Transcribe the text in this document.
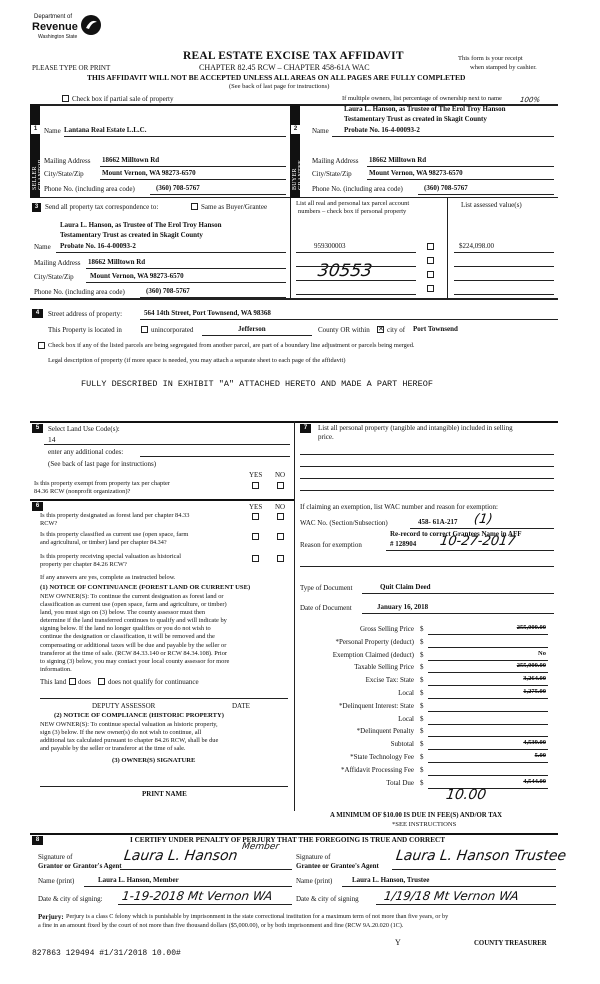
Department of
Revenue
Washington State
REAL ESTATE EXCISE TAX AFFIDAVIT
PLEASE TYPE OR PRINT	CHAPTER 82.45 RCW – CHAPTER 458-61A WAC
This form is your receipt
when stamped by cashier.
THIS AFFIDAVIT WILL NOT BE ACCEPTED UNLESS ALL AREAS ON ALL PAGES ARE FULLY COMPLETED
(See back of last page for instructions)
Check box if partial sale of property	If multiple owners, list percentage of ownership next to name
1	2
SELLER GRANTOR	BUYER GRANTEE
Name Lantana Real Estate L.L.C.
Mailing Address 18662 Milltown Rd
City/State/Zip	Mount Vernon, WA 98273-6570
Phone No. (including area code)	(360) 708-5767
Laura L. Hanson, as Trustee of The Erol Troy Hanson
100%
Testamentary Trust as created in Skagit County
Name Probate No. 16-4-00093-2
Mailing Address 18662 Milltown Rd
City/State/Zip Mount Vernon, WA 98273-6570
Phone No. (including area code)	(360) 708-5767
3 Send all property tax correspondence to:	Same as Buyer/Grantee
Laura L. Hanson, as Trustee of The Erol Troy Hanson
Testamentary Trust as created in Skagit County
Name Probate No. 16-4-00093-2
Mailing Address 18662 Milltown Rd
City/State/Zip Mount Vernon, WA 98273-6570
Phone No. (including area code)	(360) 708-5767
List all real and personal tax parcel account
numbers – check box if personal property
List assessed value(s)
959300003	$224,098.00
30553
4	Street address of property:	564 14th Street, Port Townsend, WA 98368
This Property is located in	unincorporated	Jefferson	County OR within ✕ city of Port Townsend
Check box if any of the listed parcels are being segregated from another parcel, are part of a boundary line adjustment or parcels being merged.
Legal description of property (if more space is needed, you may attach a separate sheet to each page of the affidavit)
FULLY DESCRIBED IN EXHIBIT "A" ATTACHED HERETO AND MADE A PART HEREOF
5	Select Land Use Code(s):
14
enter any additional codes:
(See back of last page for instructions)
YES NO
Is this property exempt from property tax per chapter
84.36 RCW (nonprofit organization)?
6	YES NO
Is this property designated as forest land per chapter 84.33
RCW?
Is this property classified as current use (open space, farm
and agricultural, or timber) land per chapter 84.34?
Is this property receiving special valuation as historical
property per chapter 84.26 RCW?
If any answers are yes, complete as instructed below.
(1) NOTICE OF CONTINUANCE (FOREST LAND OR CURRENT USE)
NEW OWNER(S): To continue the current designation as forest land or
classification as current use (open space, farm and agriculture, or timber)
land, you must sign on (3) below. The county assessor must then
determine if the land transferred continues to qualify and will indicate by
signing below. If the land no longer qualifies or you do not wish to
continue the designation or classification, it will be removed and the
compensating or additional taxes will be due and payable by the seller or
transferor at the time of sale. (RCW 84.33.140 or RCW 84.34.108). Prior
to signing (3) below, you may contact your local county assessor for more
information.
This land does does not qualify for continuance
DEPUTY ASSESSOR	DATE
(2) NOTICE OF COMPLIANCE (HISTORIC PROPERTY)
NEW OWNER(S): To continue special valuation as historic property,
sign (3) below. If the new owner(s) do not wish to continue, all
additional tax calculated pursuant to chapter 84.26 RCW, shall be due
and payable by the seller or transferor at the time of sale.
(3) OWNER(S) SIGNATURE
PRINT NAME
7	List all personal property (tangible and intangible) included in selling
price.
If claiming an exemption, list WAC number and reason for exemption:
WAC No. (Section/Subsection)	458- 61A-217 (1)
Re-record to correct Grantees Name in AFF
Reason for exemption	# 128904 10-27-2017
Type of Document	Quit Claim Deed
Date of Document	January 16, 2018
Gross Selling Price $	255,000.00
*Personal Property (deduct) $
Exemption Claimed (deduct) $	No
Taxable Selling Price $	255,000.00
Excise Tax: State $	3,264.00
Local $	1,275.00
*Delinquent Interest: State $
Local $
*Delinquent Penalty $
Subtotal $	4,539.00
*State Technology Fee $	5.00
*Affidavit Processing Fee $
Total Due $	4,544.00
10.00
A MINIMUM OF $10.00 IS DUE IN FEE(S) AND/OR TAX
*SEE INSTRUCTIONS
8	I CERTIFY UNDER PENALTY OF PERJURY THAT THE FOREGOING IS TRUE AND CORRECT
Signature of
Grantor or Grantor's Agent
Laura L. Hanson
Member
Signature of
Grantee or Grantee's Agent
Laura L. Hanson Trustee
Name (print)	Laura L. Hanson, Member	Name (print)	Laura L. Hanson, Trustee
Date & city of signing: 1-19-2018 Mt Vernon WA	Date & city of signing 1/19/18 Mt Vernon WA
Perjury: Perjury is a class C felony which is punishable by imprisonment in the state correctional institution for a maximum term of not more than five years, or by
a fine in an amount fixed by the court of not more than five thousand dollars ($5,000.00), or by both imprisonment and fine (RCW 9A.20.020 (1C).
827863 129494 #1/31/2018 10.00#
Y	COUNTY TREASURER
